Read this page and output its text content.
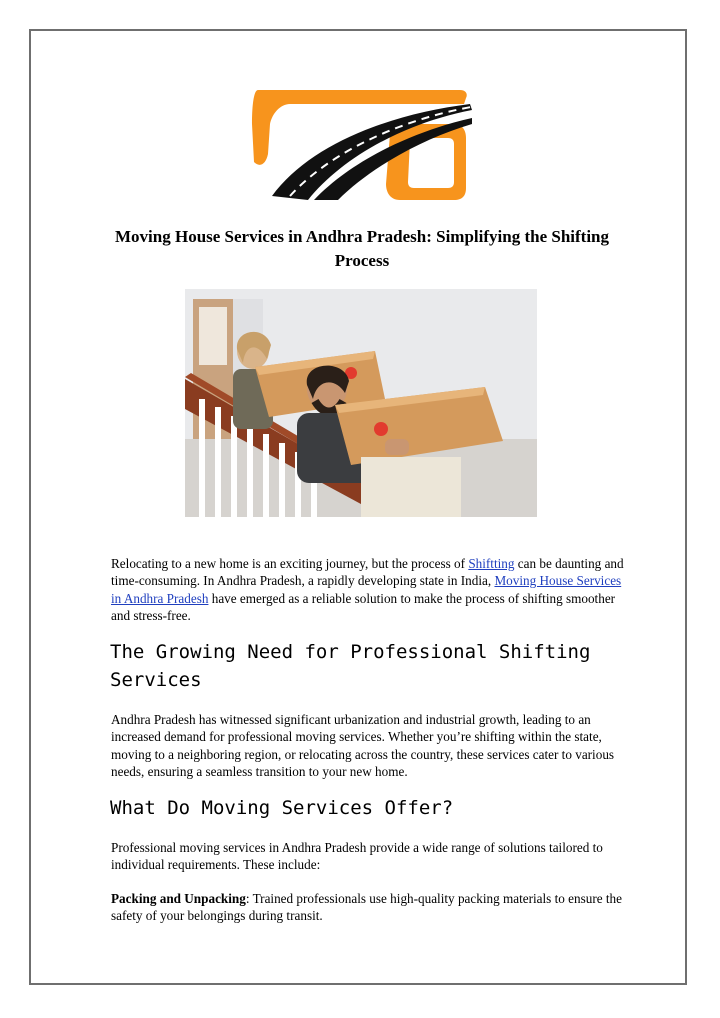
Moving House Services in Andhra Pradesh: Simplifying the Shifting Process

Relocating to a new home is an exciting journey, but the process of Shiftting can be daunting and time-consuming. In Andhra Pradesh, a rapidly developing state in India, Moving House Services in Andhra Pradesh have emerged as a reliable solution to make the process of shifting smoother and stress-free.

The Growing Need for Professional Shifting Services

Andhra Pradesh has witnessed significant urbanization and industrial growth, leading to an increased demand for professional moving services. Whether you’re shifting within the state, moving to a neighboring region, or relocating across the country, these services cater to various needs, ensuring a seamless transition to your new home.

What Do Moving Services Offer?

Professional moving services in Andhra Pradesh provide a wide range of solutions tailored to individual requirements. These include:

Packing and Unpacking: Trained professionals use high-quality packing materials to ensure the safety of your belongings during transit.
